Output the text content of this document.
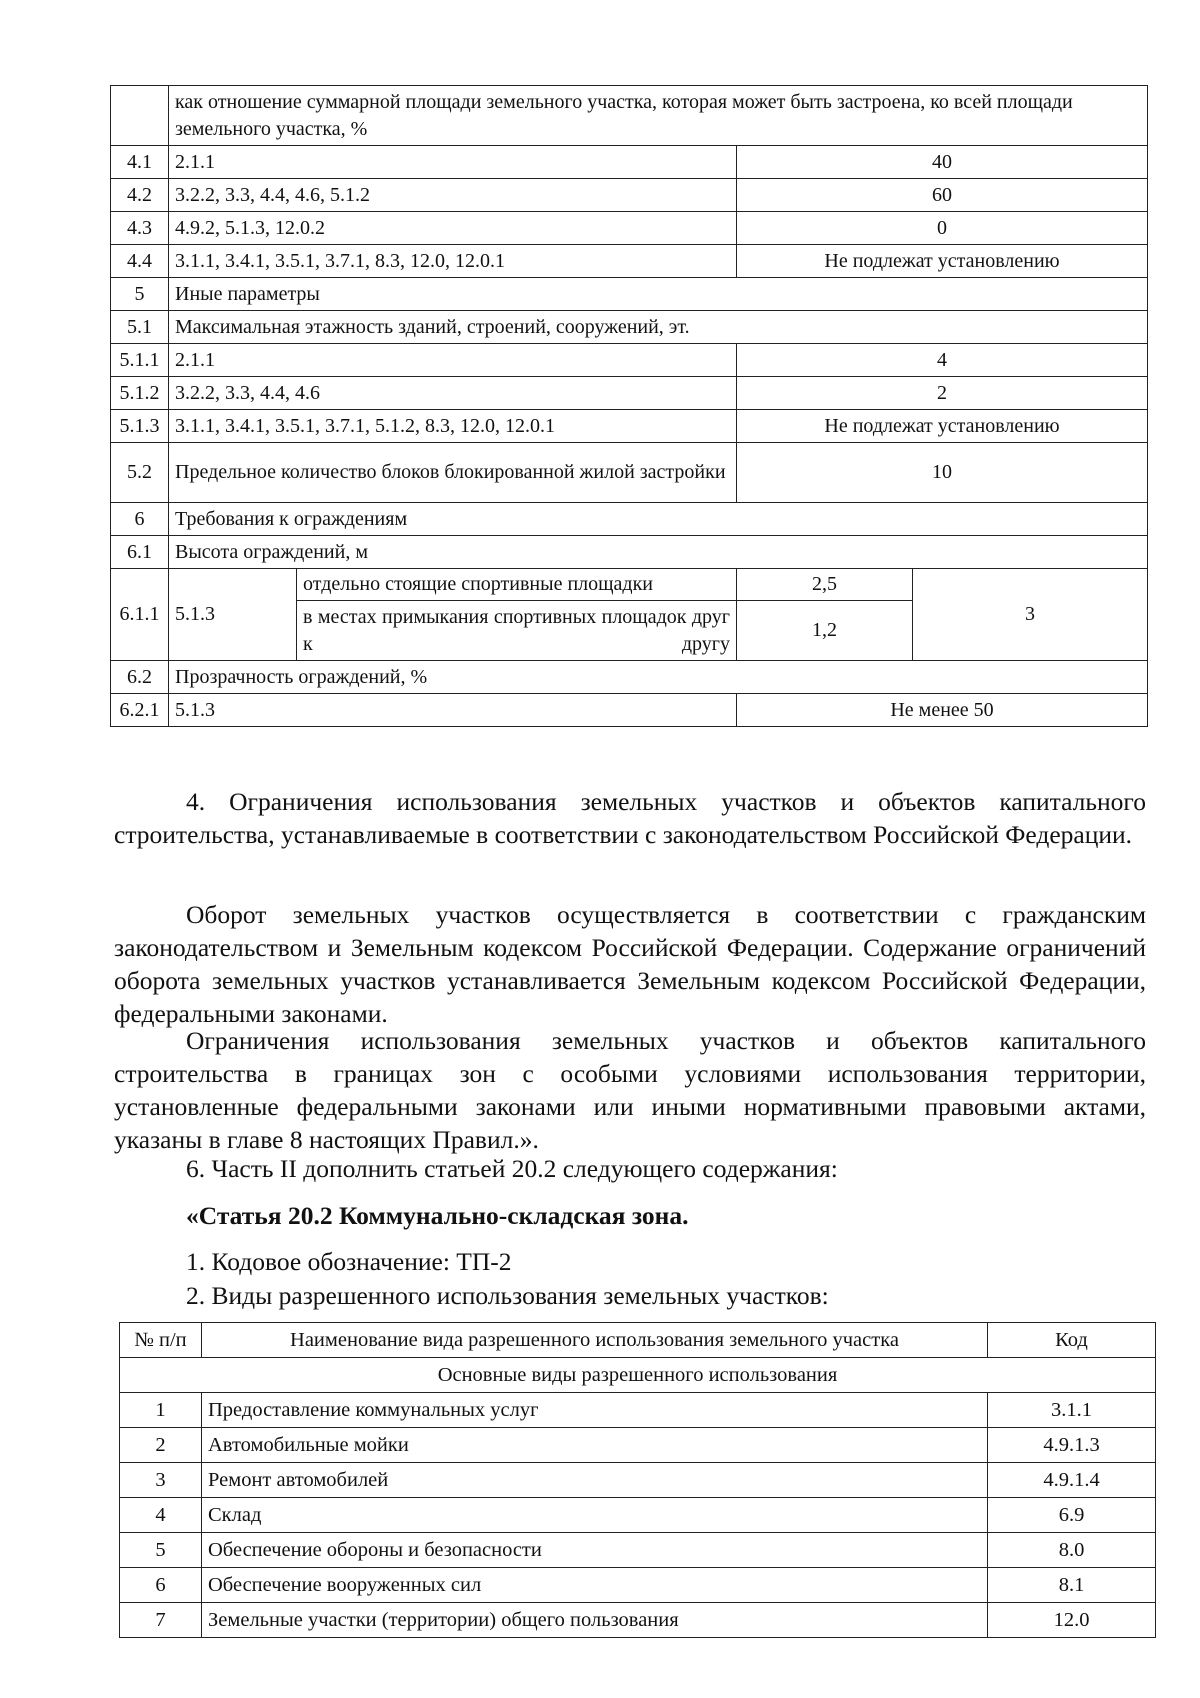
	как отношение суммарной площади земельного участка, которая может быть застроена, ко всей площади земельного участка, %			
4.1	2.1.1		40	
4.2	3.2.2, 3.3, 4.4, 4.6, 5.1.2		60	
4.3	4.9.2, 5.1.3, 12.0.2		0	
4.4	3.1.1, 3.4.1, 3.5.1, 3.7.1, 8.3, 12.0, 12.0.1		Не подлежат установлению	
5	Иные параметры			
5.1	Максимальная этажность зданий, строений, сооружений, эт.			
5.1.1	2.1.1		4	
5.1.2	3.2.2, 3.3, 4.4, 4.6		2	
5.1.3	3.1.1, 3.4.1, 3.5.1, 3.7.1, 5.1.2, 8.3, 12.0, 12.0.1		Не подлежат установлению	
5.2	Предельное количество блоков блокированной жилой застройки		10	
6	Требования к ограждениям			
6.1	Высота ограждений, м			
6.1.1	5.1.3	отдельно стоящие спортивные площадки	2,5	3
		в местах примыкания спортивных площадок друг к другу	1,2	
6.2	Прозрачность ограждений, %			
6.2.1	5.1.3		Не менее 50	

4. Ограничения использования земельных участков и объектов капитального строительства, устанавливаемые в соответствии с законодательством Российской Федерации.

Оборот земельных участков осуществляется в соответствии с гражданским законодательством и Земельным кодексом Российской Федерации. Содержание ограничений оборота земельных участков устанавливается Земельным кодексом Российской Федерации, федеральными законами.

Ограничения использования земельных участков и объектов капитального строительства в границах зон с особыми условиями использования территории, установленные федеральными законами или иными нормативными правовыми актами, указаны в главе 8 настоящих Правил.».

6. Часть II дополнить статьей 20.2 следующего содержания:

«Статья 20.2 Коммунально-складская зона.

1. Кодовое обозначение: ТП-2

2. Виды разрешенного использования земельных участков:

№ п/п	Наименование вида разрешенного использования земельного участка	Код
Основные виды разрешенного использования		
1	Предоставление коммунальных услуг	3.1.1
2	Автомобильные мойки	4.9.1.3
3	Ремонт автомобилей	4.9.1.4
4	Склад	6.9
5	Обеспечение обороны и безопасности	8.0
6	Обеспечение вооруженных сил	8.1
7	Земельные участки (территории) общего пользования	12.0
